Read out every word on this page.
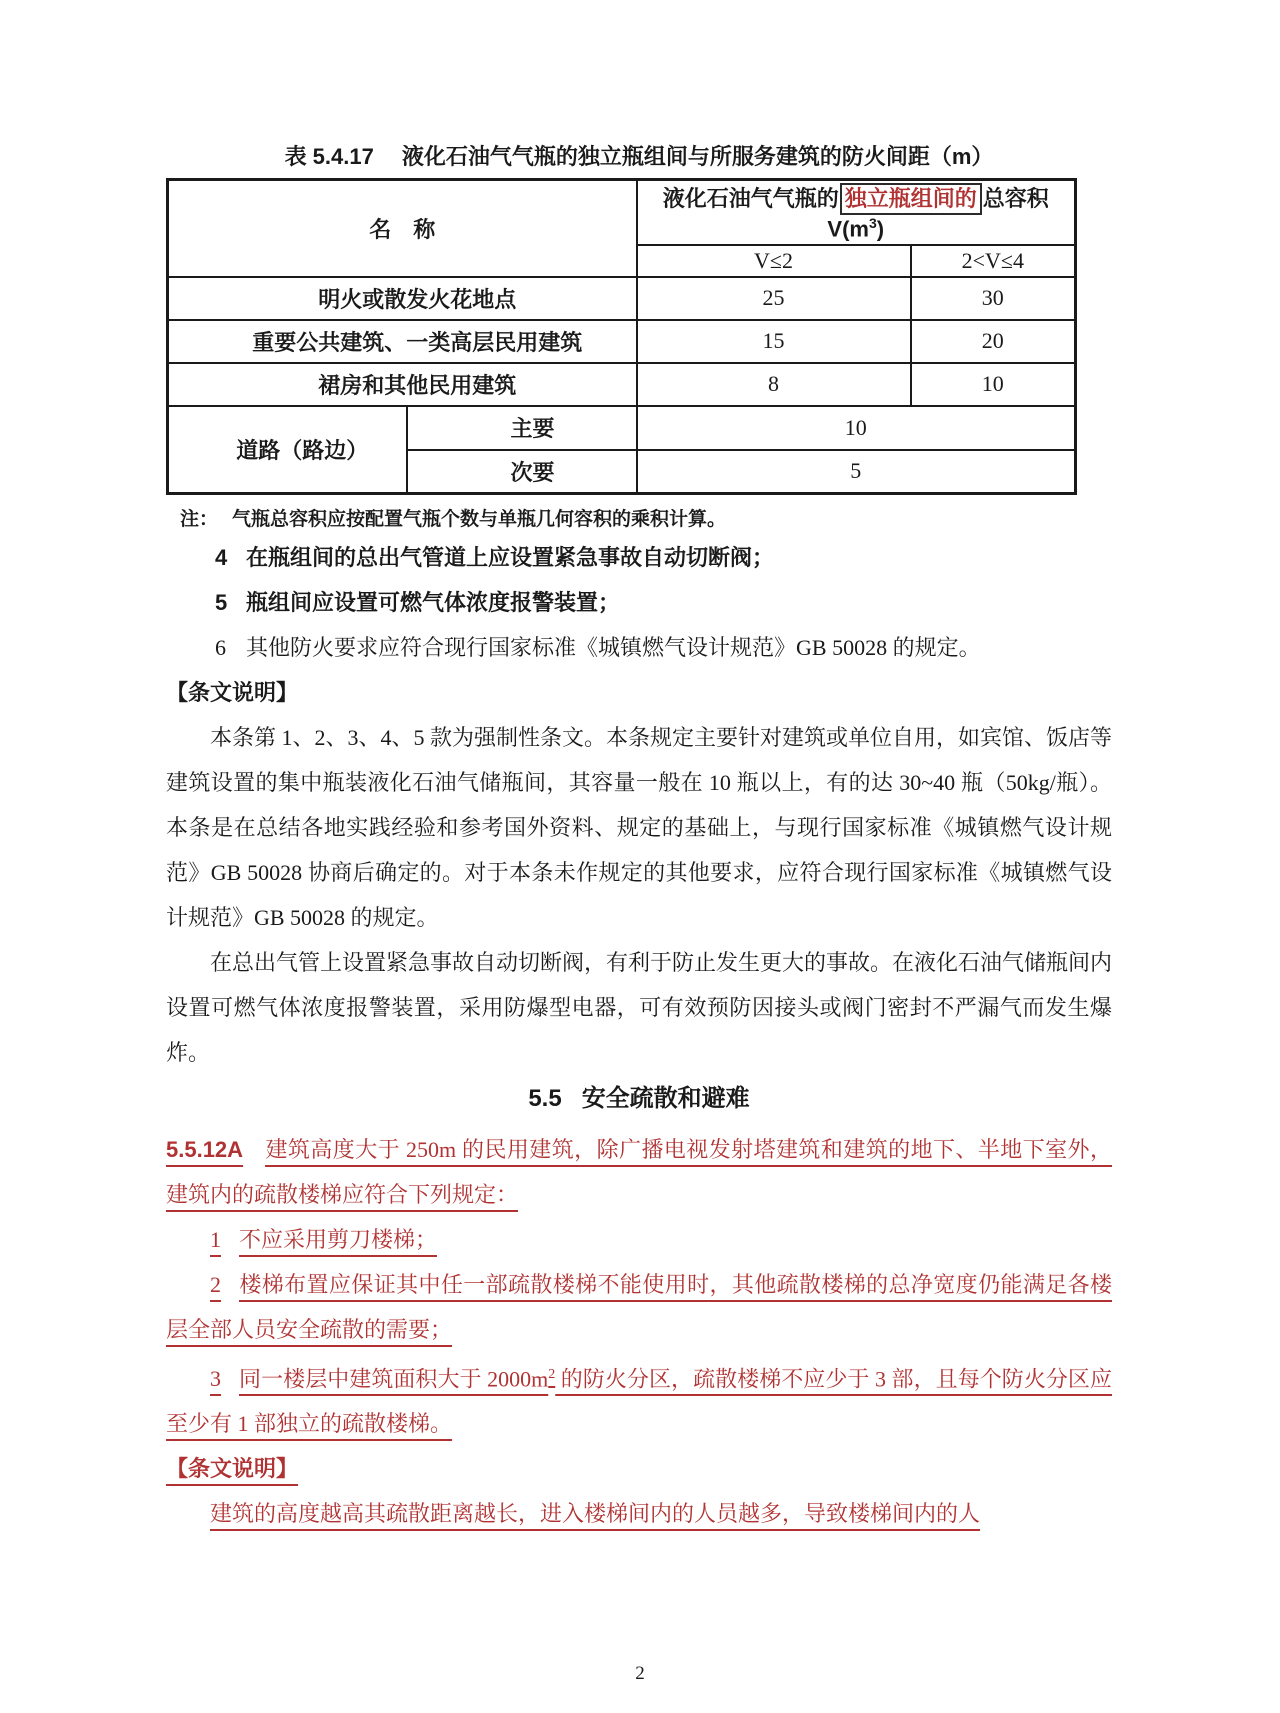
表 5.4.17 液化石油气气瓶的独立瓶组间与所服务建筑的防火间距（m）
名　称		液化石油气气瓶的 独立瓶组间的 总容积 $V(m^3)$	
		V≤2	2<V≤4
明火或散发火花地点		25	30
重要公共建筑、一类高层民用建筑		15	20
裙房和其他民用建筑		8	10
道路（路边）	主要	10	
	次要	5	
注： 气瓶总容积应按配置气瓶个数与单瓶几何容积的乘积计算。
4 在瓶组间的总出气管道上应设置紧急事故自动切断阀；
5 瓶组间应设置可燃气体浓度报警装置；
6 其他防火要求应符合现行国家标准《城镇燃气设计规范》GB 50028 的规定。
【条文说明】

本条第 1、2、3、4、5 款为强制性条文。本条规定主要针对建筑或单位自用，如宾馆、饭店等建筑设置的集中瓶装液化石油气储瓶间，其容量一般在 10 瓶以上，有的达 30~40 瓶（50kg/瓶）。本条是在总结各地实践经验和参考国外资料、规定的基础上，与现行国家标准《城镇燃气设计规范》GB 50028 协商后确定的。对于本条未作规定的其他要求，应符合现行国家标准《城镇燃气设计规范》GB 50028 的规定。

在总出气管上设置紧急事故自动切断阀，有利于防止发生更大的事故。在液化石油气储瓶间内设置可燃气体浓度报警装置，采用防爆型电器，可有效预防因接头或阀门密封不严漏气而发生爆炸。

5.5 安全疏散和避难

5.5.12A 建筑高度大于 250m 的民用建筑，除广播电视发射塔建筑和建筑的地下、半地下室外，建筑内的疏散楼梯应符合下列规定：

1 不应采用剪刀楼梯；

2 楼梯布置应保证其中任一部疏散楼梯不能使用时，其他疏散楼梯的总净宽度仍能满足各楼层全部人员安全疏散的需要；

3 同一楼层中建筑面积大于 $2000m^2$ 的防火分区，疏散楼梯不应少于 3 部，且每个防火分区应至少有 1 部独立的疏散楼梯。

【条文说明】

建筑的高度越高其疏散距离越长，进入楼梯间内的人员越多，导致楼梯间内的人

2
